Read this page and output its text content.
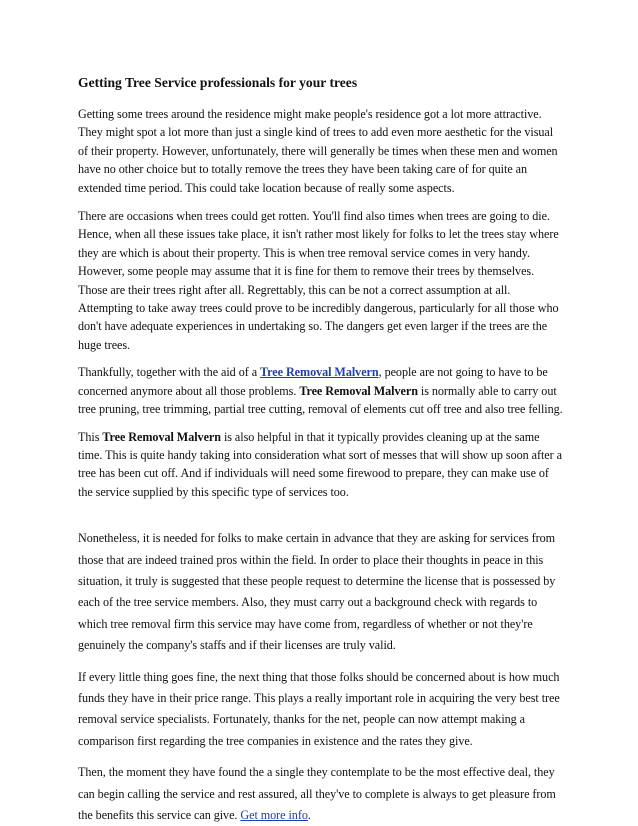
Getting Tree Service professionals for your trees

Getting some trees around the residence might make people's residence got a lot more attractive. They might spot a lot more than just a single kind of trees to add even more aesthetic for the visual of their property. However, unfortunately, there will generally be times when these men and women have no other choice but to totally remove the trees they have been taking care of for quite an extended time period. This could take location because of really some aspects.

There are occasions when trees could get rotten. You'll find also times when trees are going to die. Hence, when all these issues take place, it isn't rather most likely for folks to let the trees stay where they are which is about their property. This is when tree removal service comes in very handy. However, some people may assume that it is fine for them to remove their trees by themselves. Those are their trees right after all. Regrettably, this can be not a correct assumption at all. Attempting to take away trees could prove to be incredibly dangerous, particularly for all those who don't have adequate experiences in undertaking so. The dangers get even larger if the trees are the huge trees.

Thankfully, together with the aid of a Tree Removal Malvern, people are not going to have to be concerned anymore about all those problems. Tree Removal Malvern is normally able to carry out tree pruning, tree trimming, partial tree cutting, removal of elements cut off tree and also tree felling.

This Tree Removal Malvern is also helpful in that it typically provides cleaning up at the same time. This is quite handy taking into consideration what sort of messes that will show up soon after a tree has been cut off. And if individuals will need some firewood to prepare, they can make use of the service supplied by this specific type of services too.

Nonetheless, it is needed for folks to make certain in advance that they are asking for services from those that are indeed trained pros within the field. In order to place their thoughts in peace in this situation, it truly is suggested that these people request to determine the license that is possessed by each of the tree service members. Also, they must carry out a background check with regards to which tree removal firm this service may have come from, regardless of whether or not they're genuinely the company's staffs and if their licenses are truly valid.

If every little thing goes fine, the next thing that those folks should be concerned about is how much funds they have in their price range. This plays a really important role in acquiring the very best tree removal service specialists. Fortunately, thanks for the net, people can now attempt making a comparison first regarding the tree companies in existence and the rates they give.

Then, the moment they have found the a single they contemplate to be the most effective deal, they can begin calling the service and rest assured, all they've to complete is always to get pleasure from the benefits this service can give. Get more info.
